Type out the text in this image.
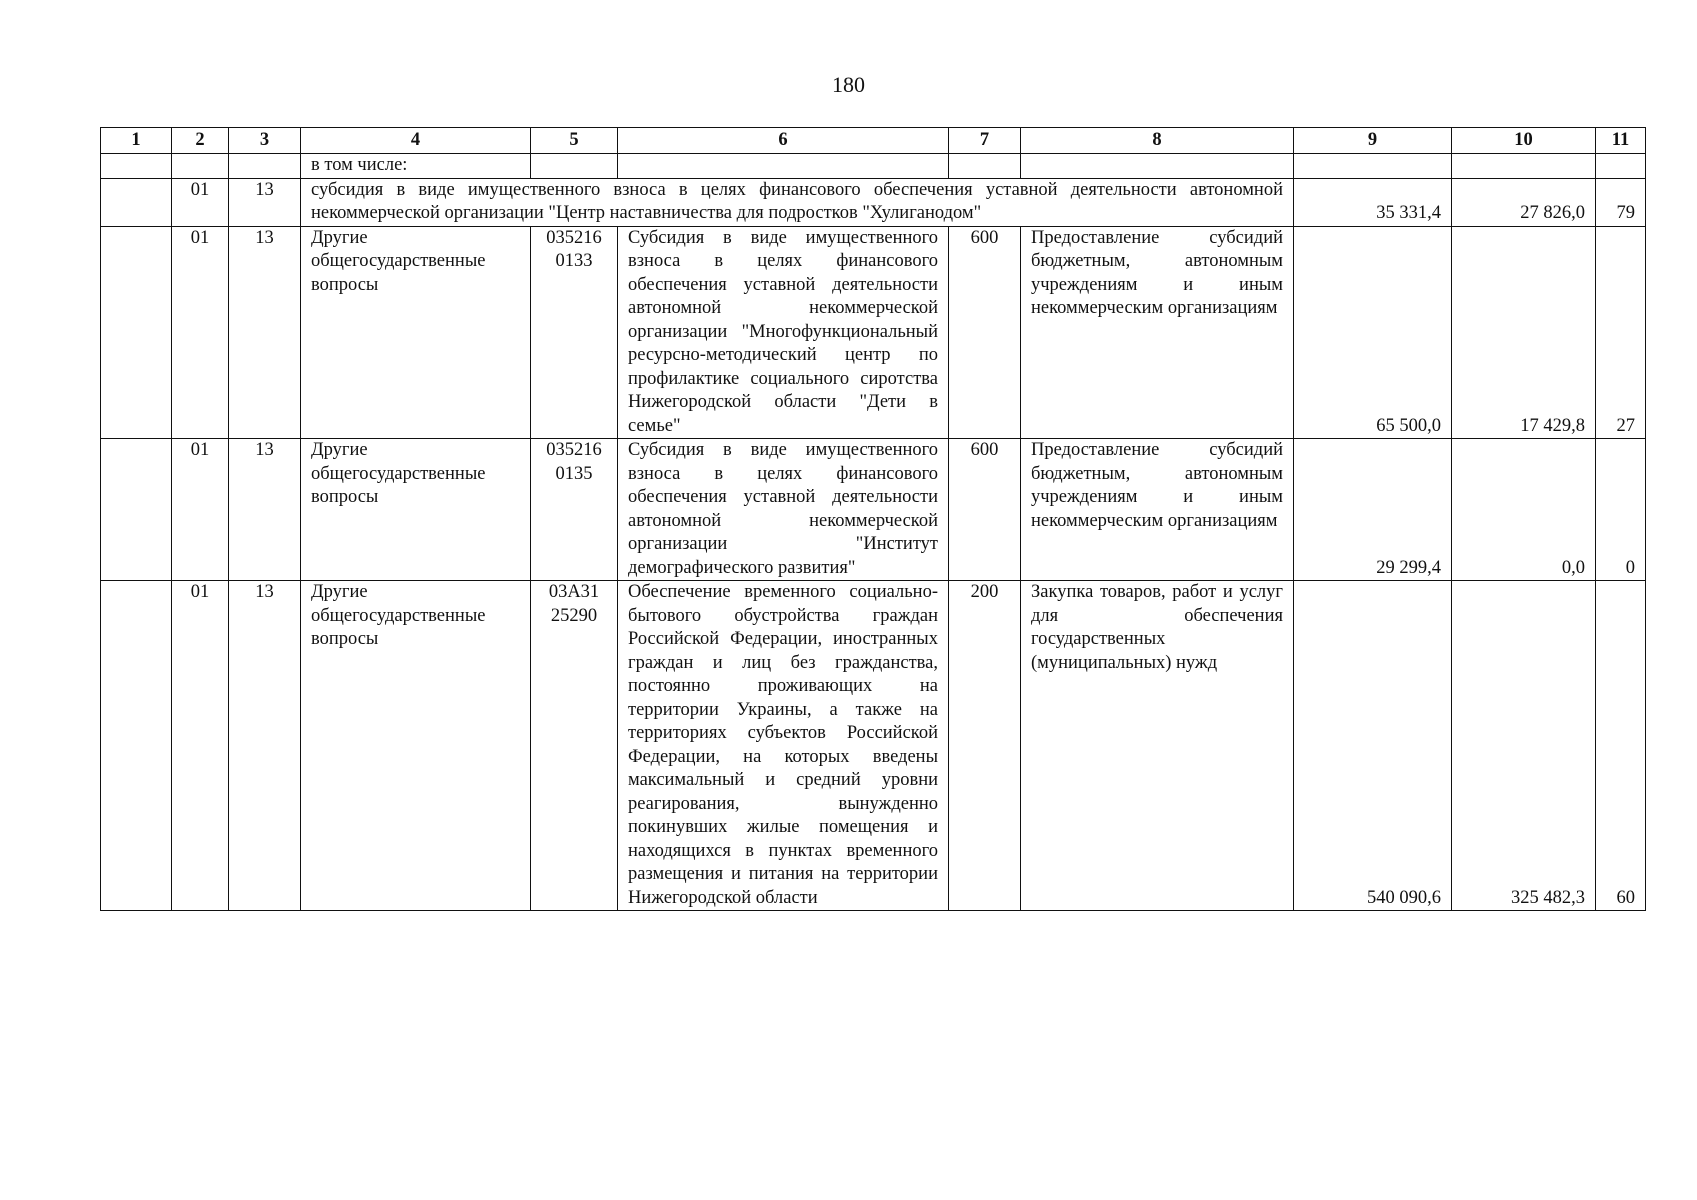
180
1	2	3	4	5	6	7	8	9	10	11
			в том числе:							
	01	13	субсидия в виде имущественного взноса в целях финансового обеспечения уставной деятельности автономной некоммерческой организации "Центр наставничества для подростков "Хулиганодом"					35 331,4	27 826,0	79
	01	13	Другие общегосударственные вопросы	035216 0133	Субсидия в виде имущественного взноса в целях финансового обеспечения уставной деятельности автономной некоммерческой организации "Многофункциональный ресурсно-методический центр по профилактике социального сиротства Нижегородской области "Дети в семье"	600	Предоставление субсидий бюджетным, автономным учреждениям и иным некоммерческим организациям	65 500,0	17 429,8	27
	01	13	Другие общегосударственные вопросы	035216 0135	Субсидия в виде имущественного взноса в целях финансового обеспечения уставной деятельности автономной некоммерческой организации "Институт демографического развития"	600	Предоставление субсидий бюджетным, автономным учреждениям и иным некоммерческим организациям	29 299,4	0,0	0
	01	13	Другие общегосударственные вопросы	03А31 25290	Обеспечение временного социально-бытового обустройства граждан Российской Федерации, иностранных граждан и лиц без гражданства, постоянно проживающих на территории Украины, а также на территориях субъектов Российской Федерации, на которых введены максимальный и средний уровни реагирования, вынужденно покинувших жилые помещения и находящихся в пунктах временного размещения и питания на территории Нижегородской области	200	Закупка товаров, работ и услуг для обеспечения государственных (муниципальных) нужд	540 090,6	325 482,3	60
